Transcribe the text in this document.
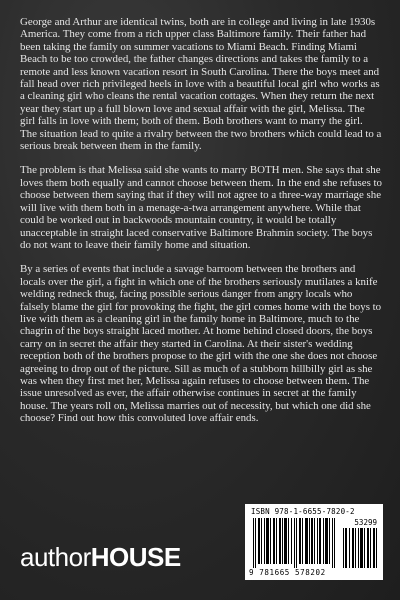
George and Arthur are identical twins, both are in college and living in late 1930s America. They come from a rich upper class Baltimore family. Their father had been taking the family on summer vacations to Miami Beach. Finding Miami Beach to be too crowded, the father changes directions and takes the family to a remote and less known vacation resort in South Carolina. There the boys meet and fall head over rich privileged heels in love with a beautiful local girl who works as a cleaning girl who cleans the rental vacation cottages. When they return the next year they start up a full blown love and sexual affair with the girl, Melissa. The girl falls in love with them; both of them. Both brothers want to marry the girl. The situation lead to quite a rivalry between the two brothers which could lead to a serious break between them in the family.

The problem is that Melissa said she wants to marry BOTH men. She says that she loves them both equally and cannot choose between them. In the end she refuses to choose between them saying that if they will not agree to a three-way marriage she will live with them both in a menage-a-twa arrangement anywhere. While that could be worked out in backwoods mountain country, it would be totally unacceptable in straight laced conservative Baltimore Brahmin society. The boys do not want to leave their family home and situation.

By a series of events that include a savage barroom between the brothers and locals over the girl, a fight in which one of the brothers seriously mutilates a knife welding redneck thug, facing possible serious danger from angry locals who falsely blame the girl for provoking the fight, the girl comes home with the boys to live with them as a cleaning girl in the family home in Baltimore, much to the chagrin of the boys straight laced mother. At home behind closed doors, the boys carry on in secret the affair they started in Carolina. At their sister's wedding reception both of the brothers propose to the girl with the one she does not choose agreeing to drop out of the picture. Sill as much of a stubborn hillbilly girl as she was when they first met her, Melissa again refuses to choose between them. The issue unresolved as ever, the affair otherwise continues in secret at the family house. The years roll on, Melissa marries out of necessity, but which one did she choose? Find out how this convoluted love affair ends.

authorHOUSE
ISBN 978-1-6655-7820-2
53299
9 781665 578202
